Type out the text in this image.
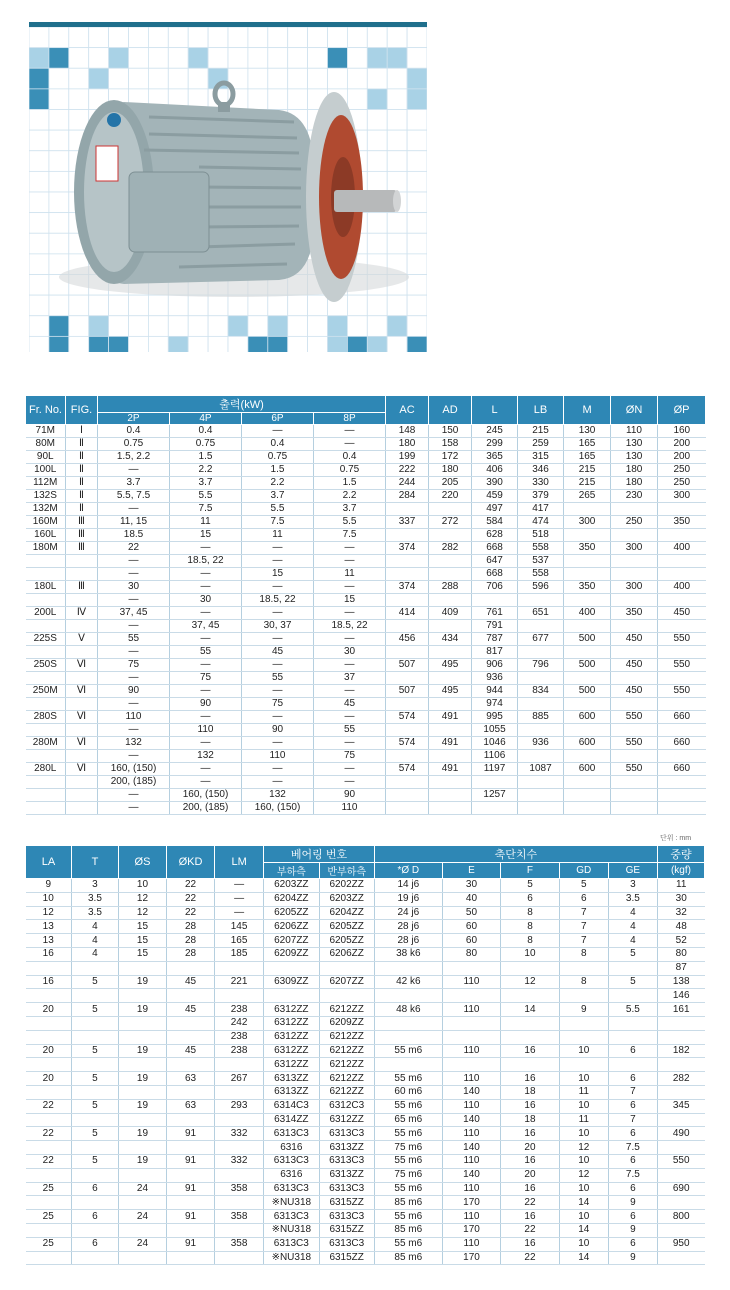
Fr. No.	FIG.	출력(kW)				AC	AD	L	LB	M	ØN	ØP
		2P	4P	6P	8P							
71M	Ⅰ	0.4	0.4	—	—	148	150	245	215	130	110	160
80M	Ⅱ	0.75	0.75	0.4	—	180	158	299	259	165	130	200
90L	Ⅱ	1.5, 2.2	1.5	0.75	0.4	199	172	365	315	165	130	200
100L	Ⅱ	—	2.2	1.5	0.75	222	180	406	346	215	180	250
112M	Ⅱ	3.7	3.7	2.2	1.5	244	205	390	330	215	180	250
132S	Ⅱ	5.5, 7.5	5.5	3.7	2.2	284	220	459	379	265	230	300
132M	Ⅱ	—	7.5	5.5	3.7			497	417			
160M	Ⅲ	11, 15	11	7.5	5.5	337	272	584	474	300	250	350
160L	Ⅲ	18.5	15	11	7.5			628	518			
180M	Ⅲ	22	—	—	—	374	282	668	558	350	300	400
		—	18.5, 22	—	—			647	537			
		—	—	15	11			668	558			
180L	Ⅲ	30	—	—	—	374	288	706	596	350	300	400
		—	30	18.5, 22	15							
200L	Ⅳ	37, 45	—	—	—	414	409	761	651	400	350	450
		—	37, 45	30, 37	18.5, 22			791				
225S	Ⅴ	55	—	—	—	456	434	787	677	500	450	550
		—	55	45	30			817				
250S	Ⅵ	75	—	—	—	507	495	906	796	500	450	550
		—	75	55	37			936				
250M	Ⅵ	90	—	—	—	507	495	944	834	500	450	550
		—	90	75	45			974				
280S	Ⅵ	110	—	—	—	574	491	995	885	600	550	660
		—	110	90	55			1055				
280M	Ⅵ	132	—	—	—	574	491	1046	936	600	550	660
		—	132	110	75			1106				
280L	Ⅵ	160, (150)	—	—	—	574	491	1197	1087	600	550	660
		200, (185)	—	—	—							
		—	160, (150)	132	90			1257				
		—	200, (185)	160, (150)	110							
단위 : mm
LA	T	ØS	ØKD	LM	베어링 번호		축단치수					중량
					부하측	반부하측	*Ø D	E	F	GD	GE	(kgf)
9	3	10	22	—	6203ZZ	6202ZZ	14 j6	30	5	5	3	11
10	3.5	12	22	—	6204ZZ	6203ZZ	19 j6	40	6	6	3.5	30
12	3.5	12	22	—	6205ZZ	6204ZZ	24 j6	50	8	7	4	32
13	4	15	28	145	6206ZZ	6205ZZ	28 j6	60	8	7	4	48
13	4	15	28	165	6207ZZ	6205ZZ	28 j6	60	8	7	4	52
16	4	15	28	185	6209ZZ	6206ZZ	38 k6	80	10	8	5	80
												87
16	5	19	45	221	6309ZZ	6207ZZ	42 k6	110	12	8	5	138
												146
20	5	19	45	238	6312ZZ	6212ZZ	48 k6	110	14	9	5.5	161
				242	6312ZZ	6209ZZ						
				238	6312ZZ	6212ZZ						
20	5	19	45	238	6312ZZ	6212ZZ	55 m6	110	16	10	6	182
					6312ZZ	6212ZZ						
20	5	19	63	267	6313ZZ	6212ZZ	55 m6	110	16	10	6	282
					6313ZZ	6212ZZ	60 m6	140	18	11	7	
22	5	19	63	293	6314C3	6312C3	55 m6	110	16	10	6	345
					6314ZZ	6312ZZ	65 m6	140	18	11	7	
22	5	19	91	332	6313C3	6313C3	55 m6	110	16	10	6	490
					6316	6313ZZ	75 m6	140	20	12	7.5	
22	5	19	91	332	6313C3	6313C3	55 m6	110	16	10	6	550
					6316	6313ZZ	75 m6	140	20	12	7.5	
25	6	24	91	358	6313C3	6313C3	55 m6	110	16	10	6	690
					※NU318	6315ZZ	85 m6	170	22	14	9	
25	6	24	91	358	6313C3	6313C3	55 m6	110	16	10	6	800
					※NU318	6315ZZ	85 m6	170	22	14	9	
25	6	24	91	358	6313C3	6313C3	55 m6	110	16	10	6	950
					※NU318	6315ZZ	85 m6	170	22	14	9	
